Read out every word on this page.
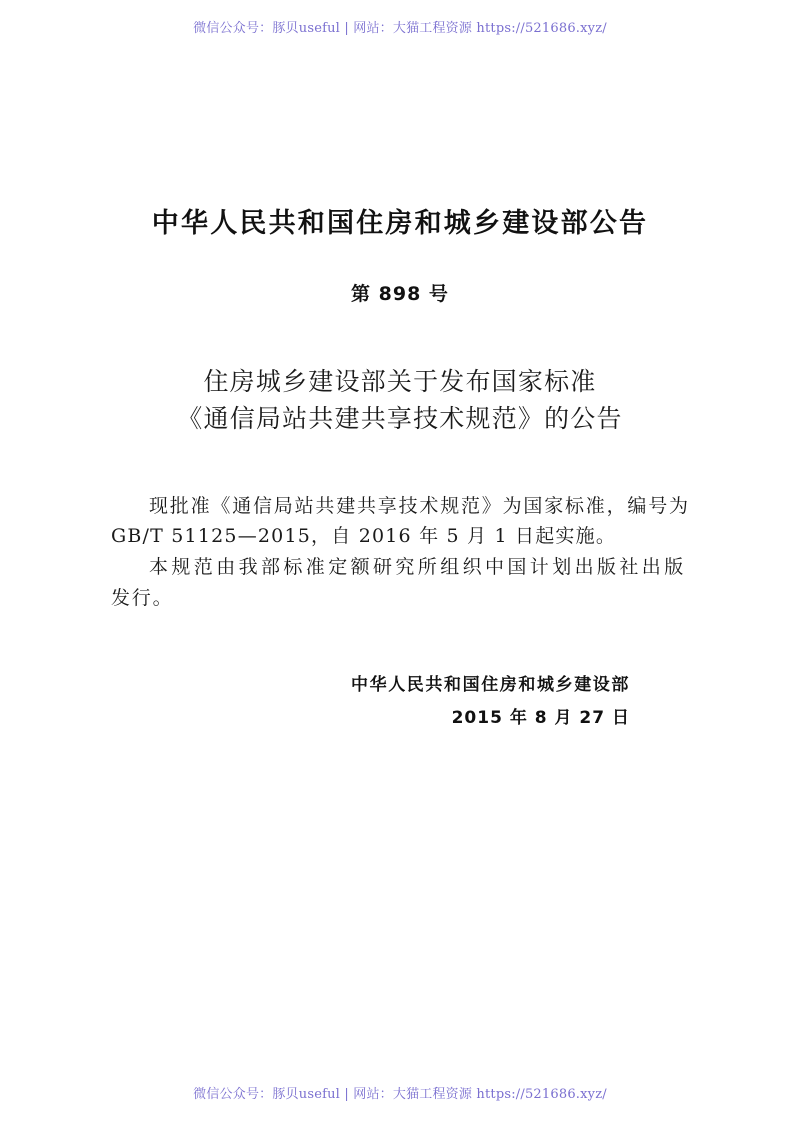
微信公众号：豚贝useful | 网站：大猫工程资源 https://521686.xyz/
中华人民共和国住房和城乡建设部公告
第 898 号
住房城乡建设部关于发布国家标准
《通信局站共建共享技术规范》的公告
现批准《通信局站共建共享技术规范》为国家标准，编号为
GB/T 51125—2015，自 2016 年 5 月 1 日起实施。
本规范由我部标准定额研究所组织中国计划出版社出版
发行。
中华人民共和国住房和城乡建设部
2015 年 8 月 27 日
微信公众号：豚贝useful | 网站：大猫工程资源 https://521686.xyz/
